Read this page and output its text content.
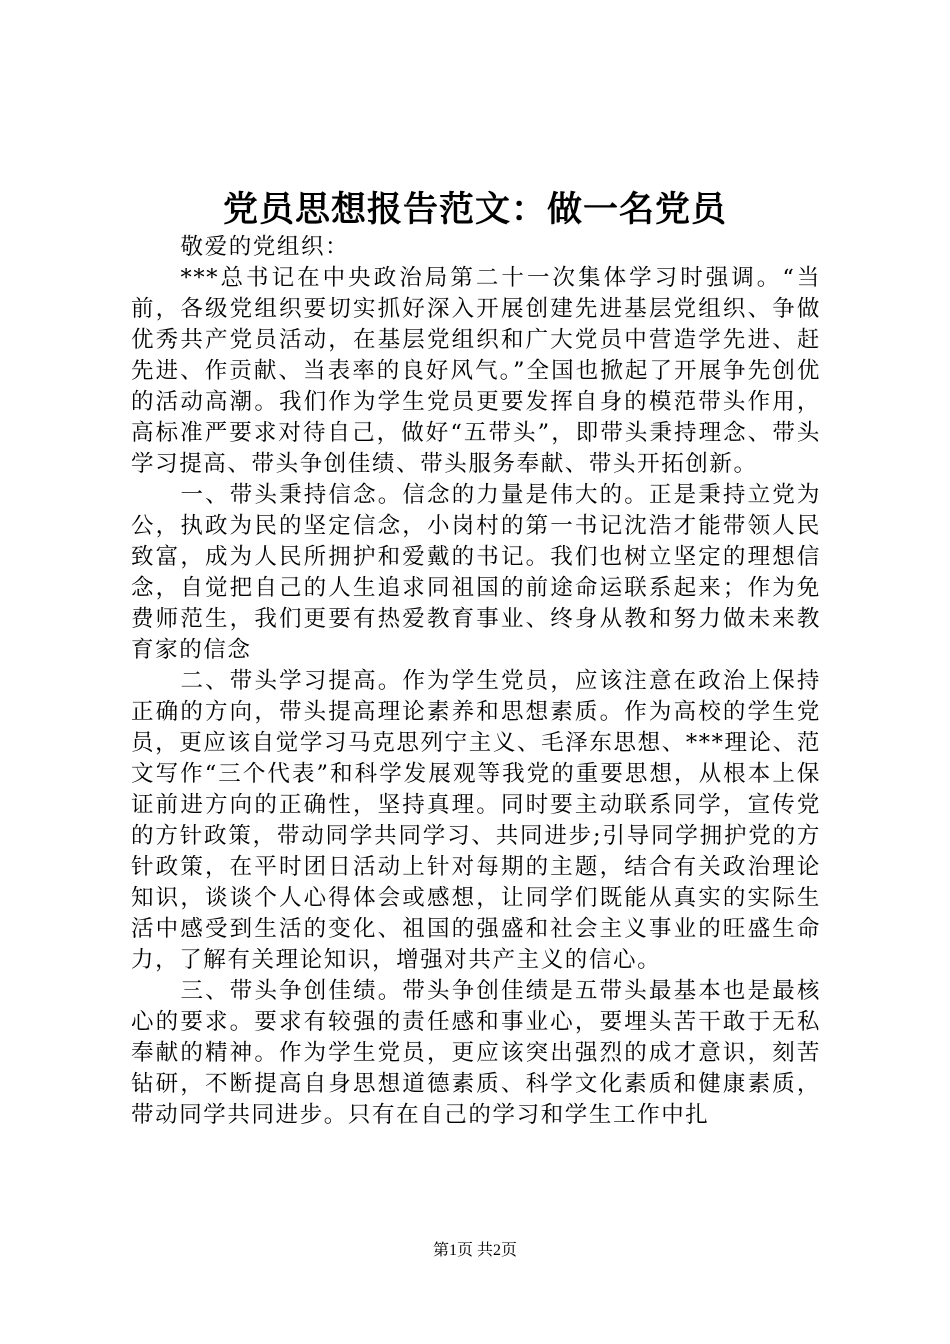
党员思想报告范文：做一名党员

敬爱的党组织：

***总书记在中央政治局第二十一次集体学习时强调。“当前，各级党组织要切实抓好深入开展创建先进基层党组织、争做优秀共产党员活动，在基层党组织和广大党员中营造学先进、赶先进、作贡献、当表率的良好风气。”全国也掀起了开展争先创优的活动高潮。我们作为学生党员更要发挥自身的模范带头作用，高标准严要求对待自己，做好“五带头”，即带头秉持理念、带头学习提高、带头争创佳绩、带头服务奉献、带头开拓创新。

一、带头秉持信念。信念的力量是伟大的。正是秉持立党为公，执政为民的坚定信念，小岗村的第一书记沈浩才能带领人民致富，成为人民所拥护和爱戴的书记。我们也树立坚定的理想信念，自觉把自己的人生追求同祖国的前途命运联系起来；作为免费师范生，我们更要有热爱教育事业、终身从教和努力做未来教育家的信念

二、带头学习提高。作为学生党员，应该注意在政治上保持正确的方向，带头提高理论素养和思想素质。作为高校的学生党员，更应该自觉学习马克思列宁主义、毛泽东思想、***理论、范文写作“三个代表”和科学发展观等我党的重要思想，从根本上保证前进方向的正确性，坚持真理。同时要主动联系同学，宣传党的方针政策，带动同学共同学习、共同进步;引导同学拥护党的方针政策，在平时团日活动上针对每期的主题，结合有关政治理论知识，谈谈个人心得体会或感想，让同学们既能从真实的实际生活中感受到生活的变化、祖国的强盛和社会主义事业的旺盛生命力，了解有关理论知识，增强对共产主义的信心。

三、带头争创佳绩。带头争创佳绩是五带头最基本也是最核心的要求。要求有较强的责任感和事业心，要埋头苦干敢于无私奉献的精神。作为学生党员，更应该突出强烈的成才意识，刻苦钻研，不断提高自身思想道德素质、科学文化素质和健康素质，带动同学共同进步。只有在自己的学习和学生工作中扎

第1页 共2页
